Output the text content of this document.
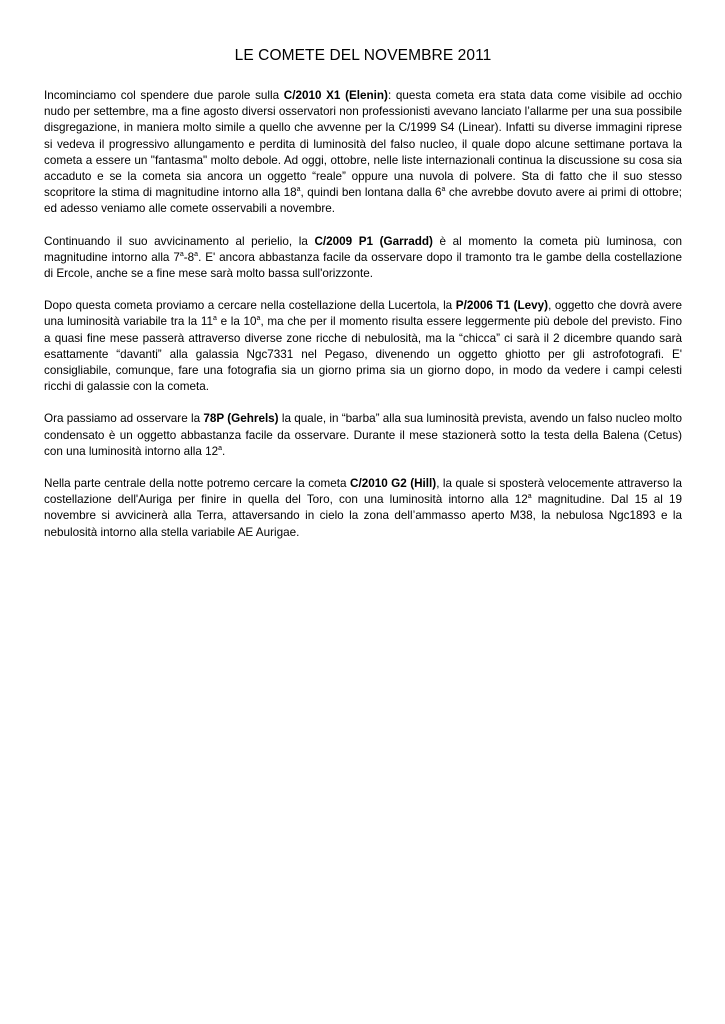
LE COMETE DEL NOVEMBRE 2011

Incominciamo col spendere due parole sulla C/2010 X1 (Elenin): questa cometa era stata data come visibile ad occhio nudo per settembre, ma a fine agosto diversi osservatori non professionisti avevano lanciato l’allarme per una sua possibile disgregazione, in maniera molto simile a quello che avvenne per la C/1999 S4 (Linear). Infatti su diverse immagini riprese si vedeva il progressivo allungamento e perdita di luminosità del falso nucleo, il quale dopo alcune settimane portava la cometa a essere un "fantasma" molto debole. Ad oggi, ottobre, nelle liste internazionali continua la discussione su cosa sia accaduto e se la cometa sia ancora un oggetto “reale” oppure una nuvola di polvere. Sta di fatto che il suo stesso scopritore la stima di magnitudine intorno alla 18$^a$, quindi ben lontana dalla 6$^a$ che avrebbe dovuto avere ai primi di ottobre; ed adesso veniamo alle comete osservabili a novembre.

Continuando il suo avvicinamento al perielio, la C/2009 P1 (Garradd) è al momento la cometa più luminosa, con magnitudine intorno alla 7$^a$-8$^a$. E' ancora abbastanza facile da osservare dopo il tramonto tra le gambe della costellazione di Ercole, anche se a fine mese sarà molto bassa sull'orizzonte.

Dopo questa cometa proviamo a cercare nella costellazione della Lucertola, la P/2006 T1 (Levy), oggetto che dovrà avere una luminosità variabile tra la 11$^a$ e la 10$^a$, ma che per il momento risulta essere leggermente più debole del previsto. Fino a quasi fine mese passerà attraverso diverse zone ricche di nebulosità, ma la “chicca” ci sarà il 2 dicembre quando sarà esattamente “davanti” alla galassia Ngc7331 nel Pegaso, divenendo un oggetto ghiotto per gli astrofotografi. E' consigliabile, comunque, fare una fotografia sia un giorno prima sia un giorno dopo, in modo da vedere i campi celesti ricchi di galassie con la cometa.

Ora passiamo ad osservare la 78P (Gehrels) la quale, in “barba” alla sua luminosità prevista, avendo un falso nucleo molto condensato è un oggetto abbastanza facile da osservare. Durante il mese stazionerà sotto la testa della Balena (Cetus) con una luminosità intorno alla 12$^a$.

Nella parte centrale della notte potremo cercare la cometa C/2010 G2 (Hill), la quale si sposterà velocemente attraverso la costellazione dell'Auriga per finire in quella del Toro, con una luminosità intorno alla 12$^a$ magnitudine. Dal 15 al 19 novembre si avvicinerà alla Terra, attaversando in cielo la zona dell’ammasso aperto M38, la nebulosa Ngc1893 e la nebulosità intorno alla stella variabile AE Aurigae.
